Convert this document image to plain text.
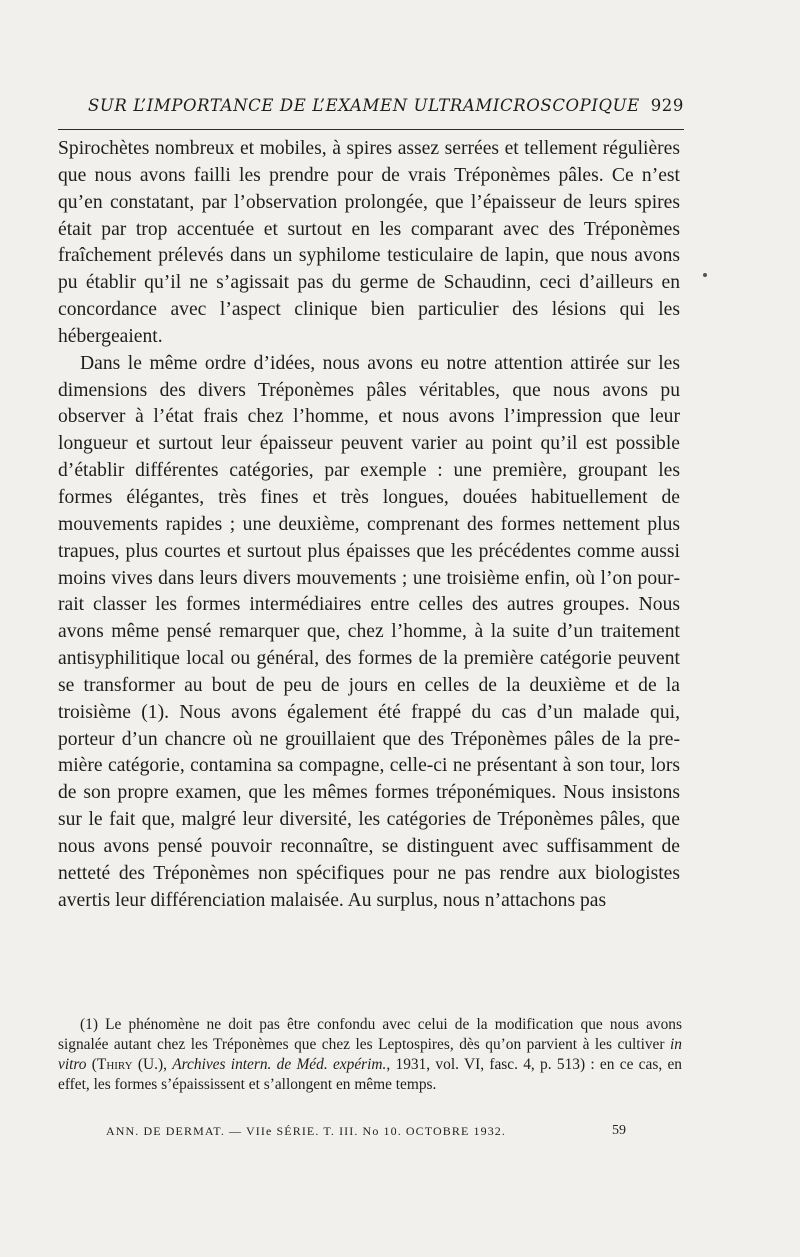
SUR L’IMPORTANCE DE L’EXAMEN ULTRAMICROSCOPIQUE 929

Spirochètes nombreux et mobiles, à spires assez serrées et tellement régulières que nous avons failli les prendre pour de vrais Tréponèmes pâles. Ce n’est qu’en constatant, par l’observation prolongée, que l’épaisseur de leurs spires était par trop accentuée et surtout en les comparant avec des Tréponèmes fraîchement prélevés dans un syphilome testiculaire de lapin, que nous avons pu établir qu’il ne s’agissait pas du germe de Schaudinn, ceci d’ailleurs en concordance avec l’aspect clinique bien particulier des lésions qui les hébergeaient.

Dans le même ordre d’idées, nous avons eu notre attention attirée sur les dimensions des divers Tréponèmes pâles véritables, que nous avons pu observer à l’état frais chez l’homme, et nous avons l’impression que leur longueur et surtout leur épaisseur peuvent varier au point qu’il est possible d’établir différentes catégories, par exemple : une première, groupant les formes élégantes, très fines et très longues, douées habituellement de mouvements rapides ; une deuxième, comprenant des formes nettement plus trapues, plus courtes et surtout plus épaisses que les précédentes comme aussi moins vives dans leurs divers mouvements ; une troisième enfin, où l’on pourrait classer les formes intermédiaires entre celles des autres groupes. Nous avons même pensé remarquer que, chez l’homme, à la suite d’un traitement antisyphilitique local ou général, des formes de la première catégorie peuvent se transformer au bout de peu de jours en celles de la deuxième et de la troisième (1). Nous avons également été frappé du cas d’un malade qui, porteur d’un chancre où ne grouillaient que des Tréponèmes pâles de la première catégorie, contamina sa compagne, celle-ci ne présentant à son tour, lors de son propre examen, que les mêmes formes tréponémiques. Nous insistons sur le fait que, malgré leur diversité, les catégories de Tréponèmes pâles, que nous avons pensé pouvoir reconnaître, se distinguent avec suffisamment de netteté des Tréponèmes non spécifiques pour ne pas rendre aux biologistes avertis leur différenciation malaisée. Au surplus, nous n’attachons pas

(1) Le phénomène ne doit pas être confondu avec celui de la modification que nous avons signalée autant chez les Tréponèmes que chez les Leptospires, dès qu’on parvient à les cultiver in vitro (Thiry (U.), Archives intern. de Méd. expérim., 1931, vol. VI, fasc. 4, p. 513) : en ce cas, en effet, les formes s’épaississent et s’allongent en même temps.

ANN. DE DERMAT. — VIIe SÉRIE. T. III. No 10. OCTOBRE 1932.	59
